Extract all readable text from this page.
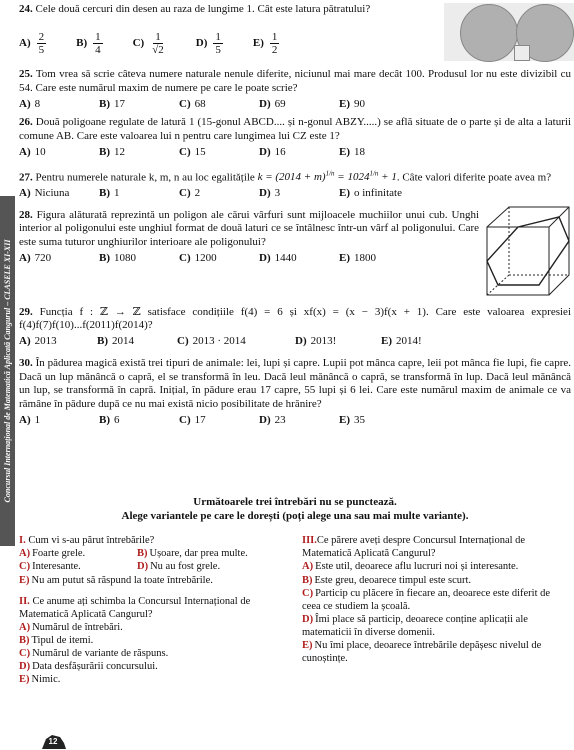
Concursul Internațional de Matematică Aplicată Cangurul – CLASELE XI-XII
24. Cele două cercuri din desen au raza de lungime 1. Cât este latura pătratului?
$A) \frac{2}{5}$	$B) \frac{1}{4}$	$C) \frac{1}{√2}$	$D) \frac{1}{5}$	$E) \frac{1}{2}$

25. Tom vrea să scrie câteva numere naturale nenule diferite, niciunul mai mare decât 100. Produsul lor nu este divizibil cu 54. Care este numărul maxim de numere pe care le poate scrie?

A) 8	B) 17	C) 68	D) 69	E) 90

26. Două poligoane regulate de latură 1 (15-gonul ABCD.... și n-gonul ABZY.....) se află situate de o parte și de alta a laturii comune AB. Care este valoarea lui n pentru care lungimea lui CZ este 1?

A) 10	B) 12	C) 15	D) 16	E) 18

27. Pentru numerele naturale k, m, n au loc egalitățile $k = (2014 + m)^{1/n} = 1024^{1/n} + 1$. Câte valori diferite poate avea m?

A) Niciuna	B) 1	C) 2	D) 3	E) o infinitate

28. Figura alăturată reprezintă un poligon ale cărui vârfuri sunt mijloacele muchiilor unui cub. Unghi interior al poligonului este unghiul format de două laturi ce se întâlnesc într-un vârf al poligonului. Care este suma tuturor unghiurilor interioare ale poligonului?

A) 720	B) 1080	C) 1200	D) 1440	E) 1800

29. Funcția f : ℤ → ℤ satisface condițiile f(4) = 6 și xf(x) = (x − 3)f(x + 1). Care este valoarea expresiei f(4)f(7)f(10)...f(2011)f(2014)?

A) 2013	B) 2014	C) 2013 · 2014	D) 2013!	E) 2014!

30. În pădurea magică există trei tipuri de animale: lei, lupi și capre. Lupii pot mânca capre, leii pot mânca fie lupi, fie capre. Dacă un lup mănâncă o capră, el se transformă în leu. Dacă leul mănâncă o capră, se transformă în lup. Dacă leul mănâncă un lup, se transformă în capră. Inițial, în pădure erau 17 capre, 55 lupi și 6 lei. Care este numărul maxim de animale ce va rămâne în pădure după ce nu mai există nicio posibilitate de hrănire?

A) 1	B) 6	C) 17	D) 23	E) 35
Următoarele trei întrebări nu se punctează.
Alege variantele pe care le dorești (poți alege una sau mai multe variante).
I. Cum vi s-au părut întrebările?
A) Foarte grele.	B) Ușoare, dar prea multe.
C) Interesante.	D) Nu au fost grele.
E) Nu am putut să răspund la toate întrebările.
II. Ce anume ați schimba la Concursul Internațional de Matematică Aplicată Cangurul?
A) Numărul de întrebări.
B) Tipul de itemi.
C) Numărul de variante de răspuns.
D) Data desfășurării concursului.
E) Nimic.
III.Ce părere aveți despre Concursul Internațional de Matematică Aplicată Cangurul?
A) Este util, deoarece aflu lucruri noi și interesante.
B) Este greu, deoarece timpul este scurt.
C) Particip cu plăcere în fiecare an, deoarece este diferit de ceea ce studiem la școală.
D) Îmi place să particip, deoarece conține aplicații ale matematicii în diverse domenii.
E) Nu îmi place, deoarece întrebările depășesc nivelul de cunoștințe.
12
